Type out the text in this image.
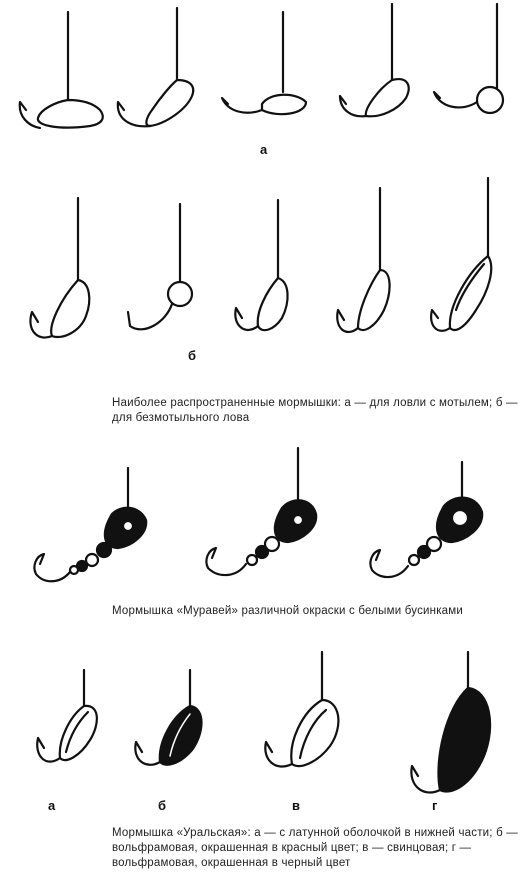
а
б
Наиболее распространенные мормышки: а — для ловли с мотылем; б — для безмотыльного лова
Мормышка «Муравей» различной окраски с белыми бусинками
а	б	в	г
Мормышка «Уральская»: а — с латунной оболочкой в нижней части; б — вольфрамовая, окрашенная в красный цвет; в — свинцовая; г — вольфрамовая, окрашенная в черный цвет
